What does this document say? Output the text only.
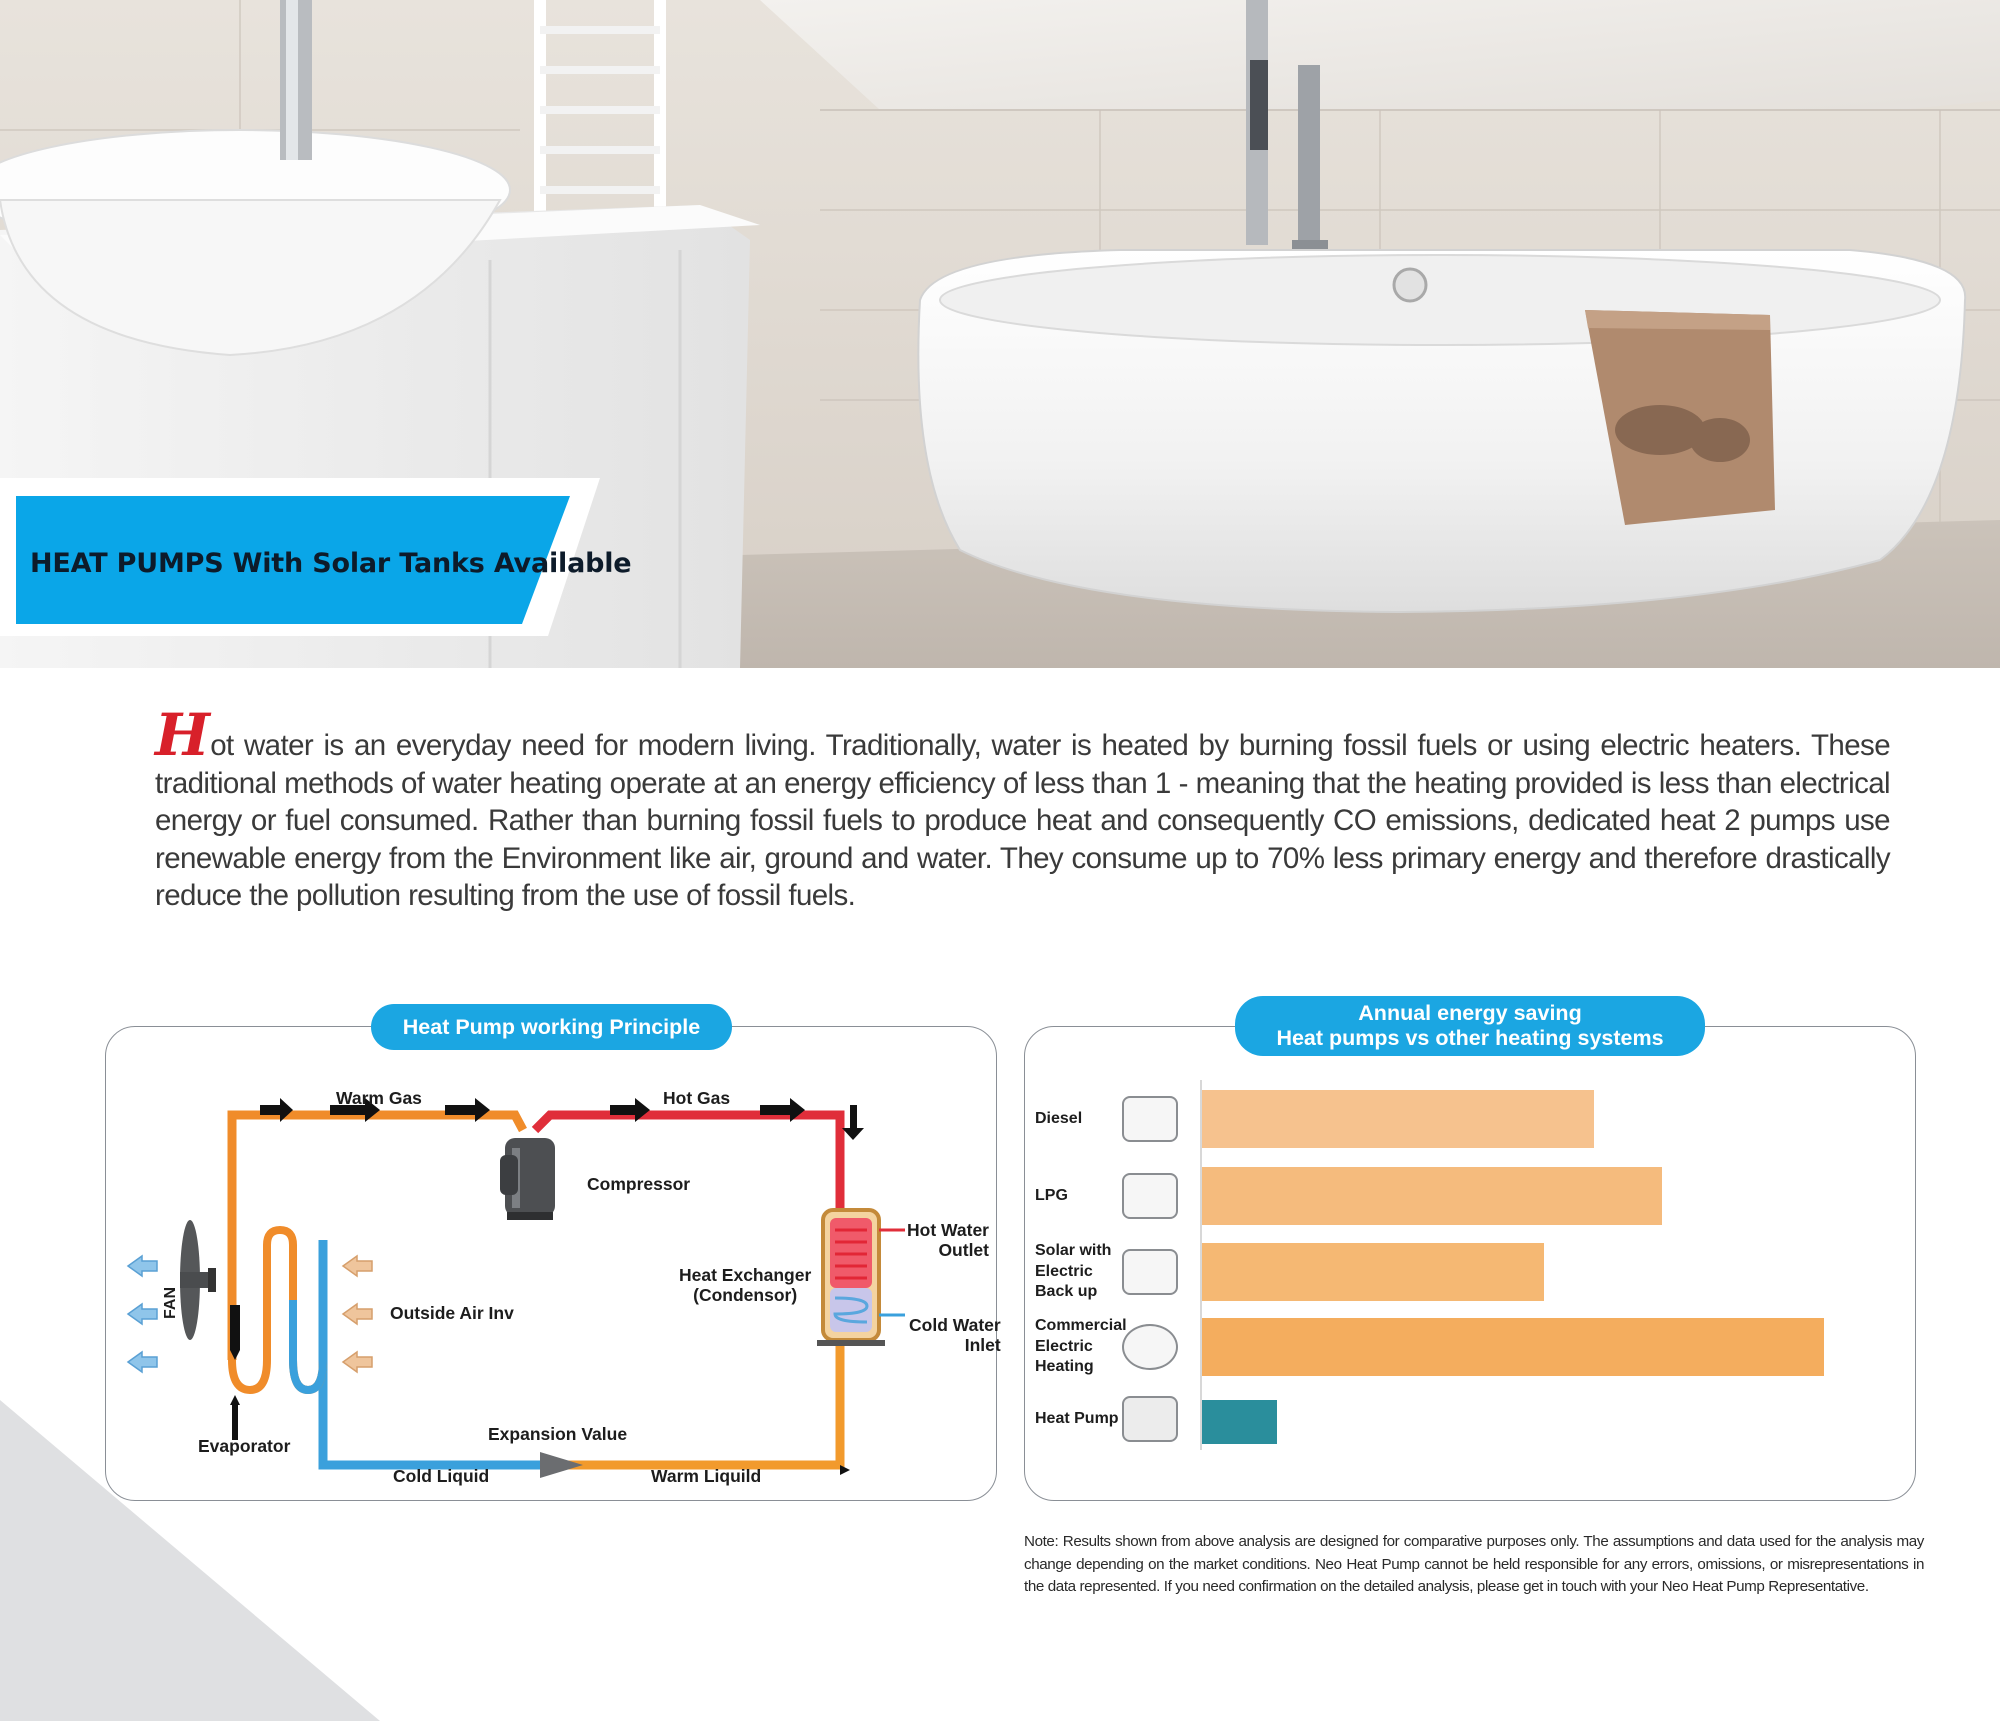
HEAT PUMPS With Solar Tanks Available
Hot water is an everyday need for modern living. Traditionally, water is heated by burning fossil fuels or using electric heaters. These traditional methods of water heating operate at an energy efficiency of less than 1 - meaning that the heating provided is less than electrical energy or fuel consumed. Rather than burning fossil fuels to produce heat and consequently CO emissions, dedicated heat 2 pumps use renewable energy from the Environment like air, ground and water. They consume up to 70% less primary energy and therefore drastically reduce the pollution resulting from the use of fossil fuels.
Heat Pump working Principle
Warm Gas	Hot Gas
Compressor
Hot Water
Outlet
Heat Exchanger
(Condensor)
Cold Water
Inlet
FAN	Outside Air Inv
Evaporator
Expansion Value
Cold Liquid	Warm Liquild
Annual energy saving
Heat pumps vs other heating systems
Diesel
LPG
Solar with
Electric
Back up
Commercial
Electric
Heating
Heat Pump
Note: Results shown from above analysis are designed for comparative purposes only. The assumptions and data used for the analysis may change depending on the market conditions. Neo Heat Pump cannot be held responsible for any errors, omissions, or misrepresentations in the data represented. If you need confirmation on the detailed analysis, please get in touch with your Neo Heat Pump Representative.
